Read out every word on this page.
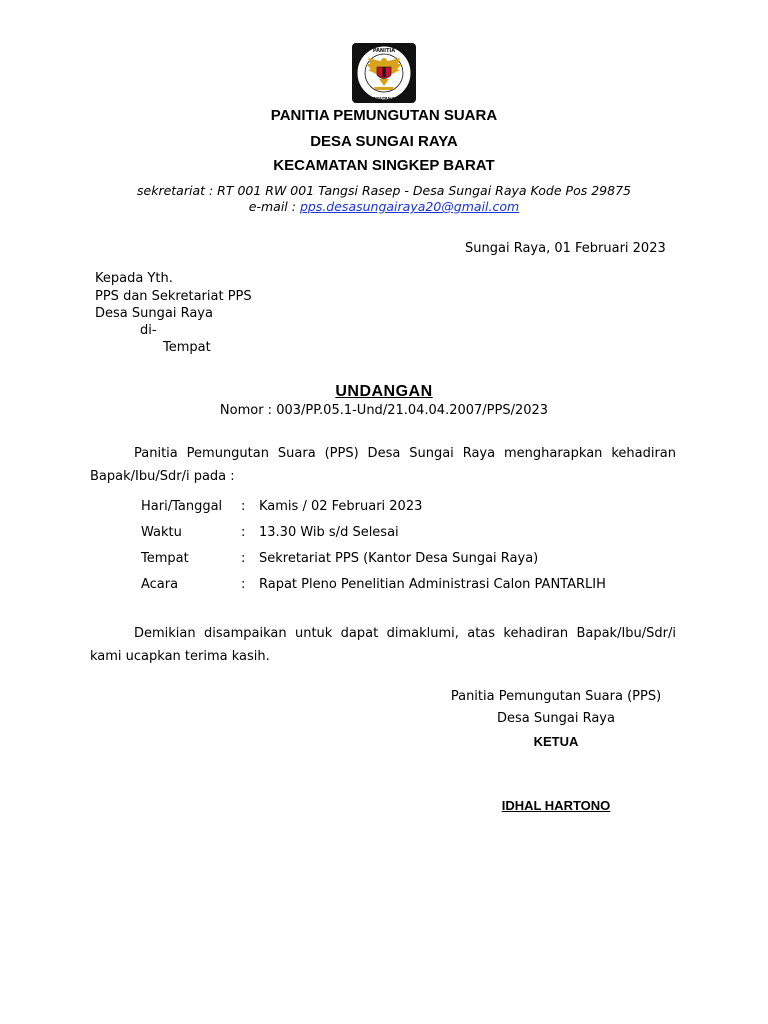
PANITIA
PEMUNGUTAN SUARA
PANITIA PEMUNGUTAN SUARA
DESA SUNGAI RAYA
KECAMATAN SINGKEP BARAT
sekretariat : RT 001 RW 001 Tangsi Rasep - Desa Sungai Raya Kode Pos 29875
e-mail : pps.desasungairaya20@gmail.com
Sungai Raya, 01 Februari 2023
Kepada Yth.
PPS dan Sekretariat PPS
Desa Sungai Raya
di-
Tempat
UNDANGAN
Nomor : 003/PP.05.1-Und/21.04.04.2007/PPS/2023
Panitia Pemungutan Suara (PPS) Desa Sungai Raya mengharapkan kehadiran Bapak/Ibu/Sdr/i pada :
Hari/Tanggal : Kamis / 02 Februari 2023
Waktu	: 13.30 Wib s/d Selesai
Tempat	: Sekretariat PPS (Kantor Desa Sungai Raya)
Acara	: Rapat Pleno Penelitian Administrasi Calon PANTARLIH
Demikian disampaikan untuk dapat dimaklumi, atas kehadiran Bapak/Ibu/Sdr/i kami ucapkan terima kasih.
Panitia Pemungutan Suara (PPS)
Desa Sungai Raya
KETUA
IDHAL HARTONO
